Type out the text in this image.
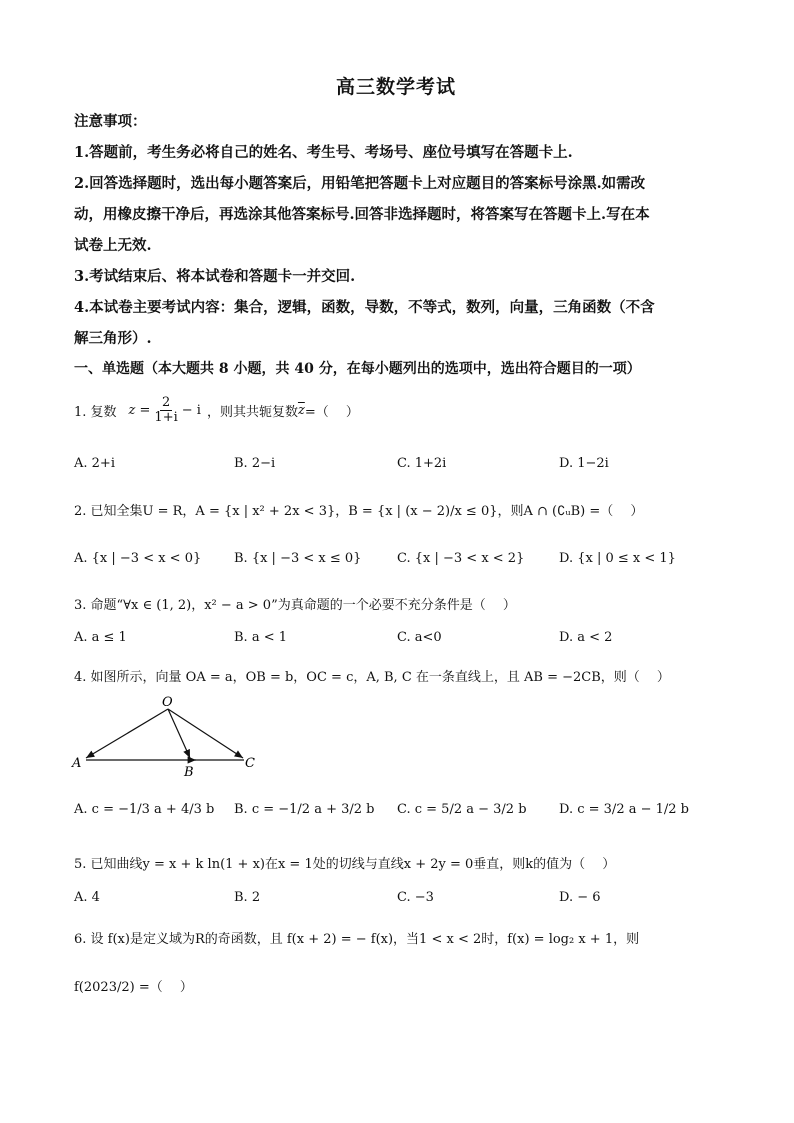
高三数学考试
注意事项：
1.答题前，考生务必将自己的姓名、考生号、考场号、座位号填写在答题卡上.
2.回答选择题时，选出每小题答案后，用铅笔把答题卡上对应题目的答案标号涂黑.如需改
动，用橡皮擦干净后，再选涂其他答案标号.回答非选择题时，将答案写在答题卡上.写在本
试卷上无效.
3.考试结束后、将本试卷和答题卡一并交回.
4.本试卷主要考试内容：集合，逻辑，函数，导数，不等式，数列，向量，三角函数（不含
解三角形）.
一、单选题（本大题共 8 小题，共 40 分，在每小题列出的选项中，选出符合题目的一项）
1. 复数 $z = \frac{2}{1+i} - i$ ，则其共轭复数 $\overline{z}$ =（　 ）
A. 2+i	B. 2−i	C. 1+2i	D. 1−2i
2. 已知全集U = R，A = {x | x² + 2x < 3}，B = {x | (x − 2)/x ≤ 0}，则A ∩ (∁ᵤB) =（　 ）
A. {x | −3 < x < 0}	B. {x | −3 < x ≤ 0}	C. {x | −3 < x < 2}	D. {x | 0 ≤ x < 1}
3. 命题“∀x ∈ (1, 2)，x² − a > 0”为真命题的一个必要不充分条件是（　 ）
A. a ≤ 1	B. a < 1	C. a<0	D. a < 2
4. 如图所示，向量 OA = a，OB = b，OC = c，A, B, C 在一条直线上，且 AB = −2CB，则（　 ）
O
A
B
C
A. c = −1/3 a + 4/3 b B. c = −1/2 a + 3/2 b C. c = 5/2 a − 3/2 b D. c = 3/2 a − 1/2 b
5. 已知曲线y = x + k ln(1 + x)在x = 1处的切线与直线x + 2y = 0垂直，则k的值为（　 ）
A. 4	B. 2	C. −3	D. − 6
6. 设 f(x)是定义域为R的奇函数，且 f(x + 2) = − f(x)，当1 < x < 2时，f(x) = log₂ x + 1，则
f(2023/2) =（　 ）
